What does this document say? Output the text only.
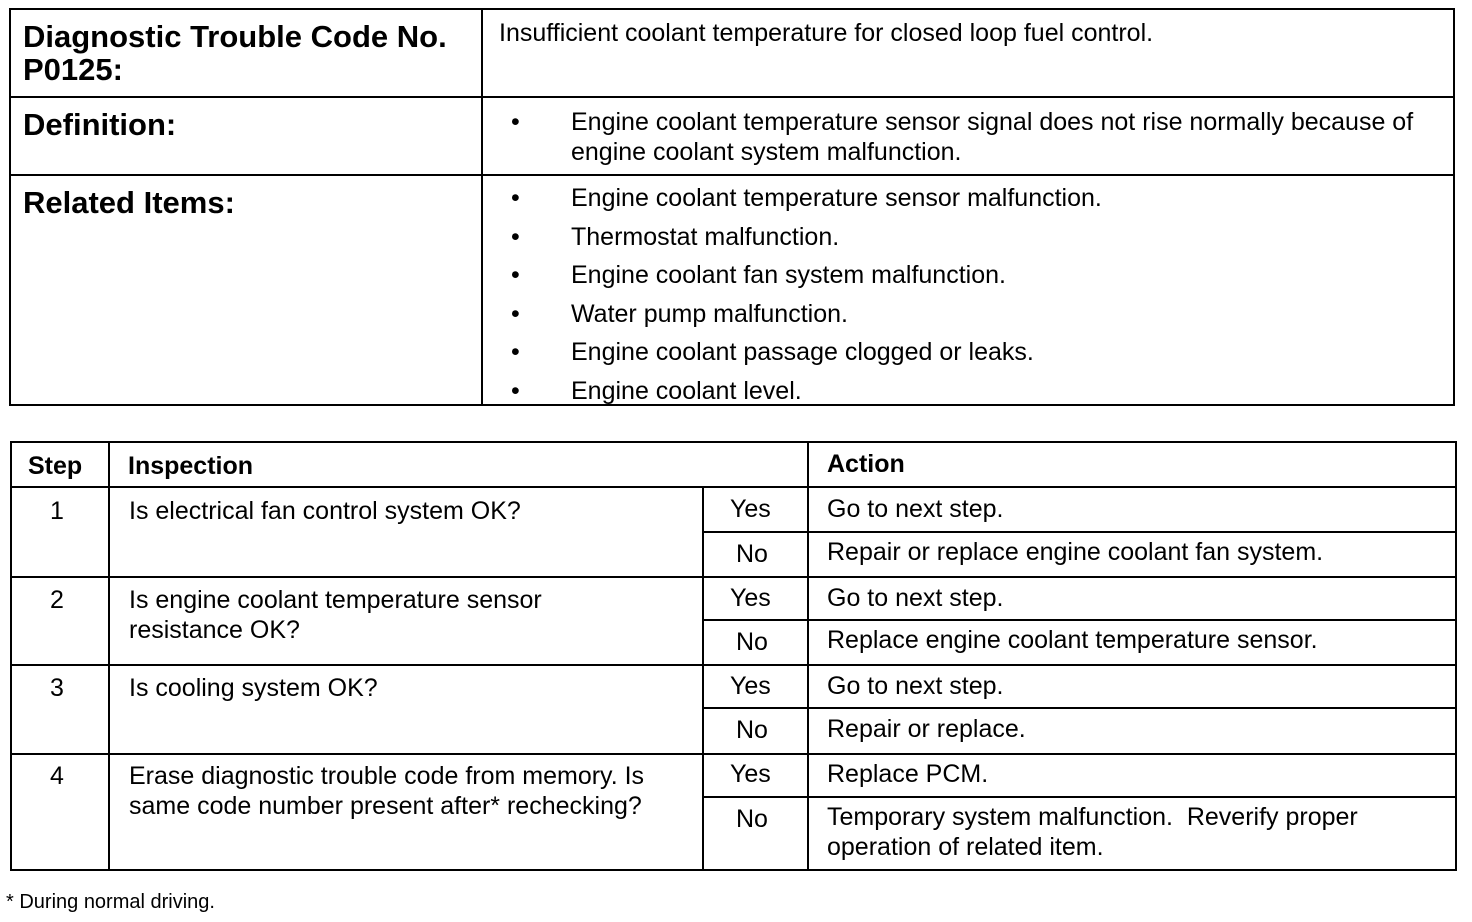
Diagnostic Trouble Code No. P0125:
Insufficient coolant temperature for closed loop fuel control.
Definition:	• Engine coolant temperature sensor signal does not rise normally because of engine coolant system malfunction.
Related Items:	• Engine coolant temperature sensor malfunction.
• Thermostat malfunction.
• Engine coolant fan system malfunction.
• Water pump malfunction.
• Engine coolant passage clogged or leaks.
• Engine coolant level.
Step Inspection	Action
1	Is electrical fan control system OK?	Yes Go to next step.
No Repair or replace engine coolant fan system.
2	Is engine coolant temperature sensor resistance OK?
Yes Go to next step.
No Replace engine coolant temperature sensor.
3	Is cooling system OK?	Yes Go to next step.
No Repair or replace.
4	Erase diagnostic trouble code from memory. Is same code number present after* rechecking?
Yes Replace PCM.
No Temporary system malfunction.  Reverify proper operation of related item.
* During normal driving.
